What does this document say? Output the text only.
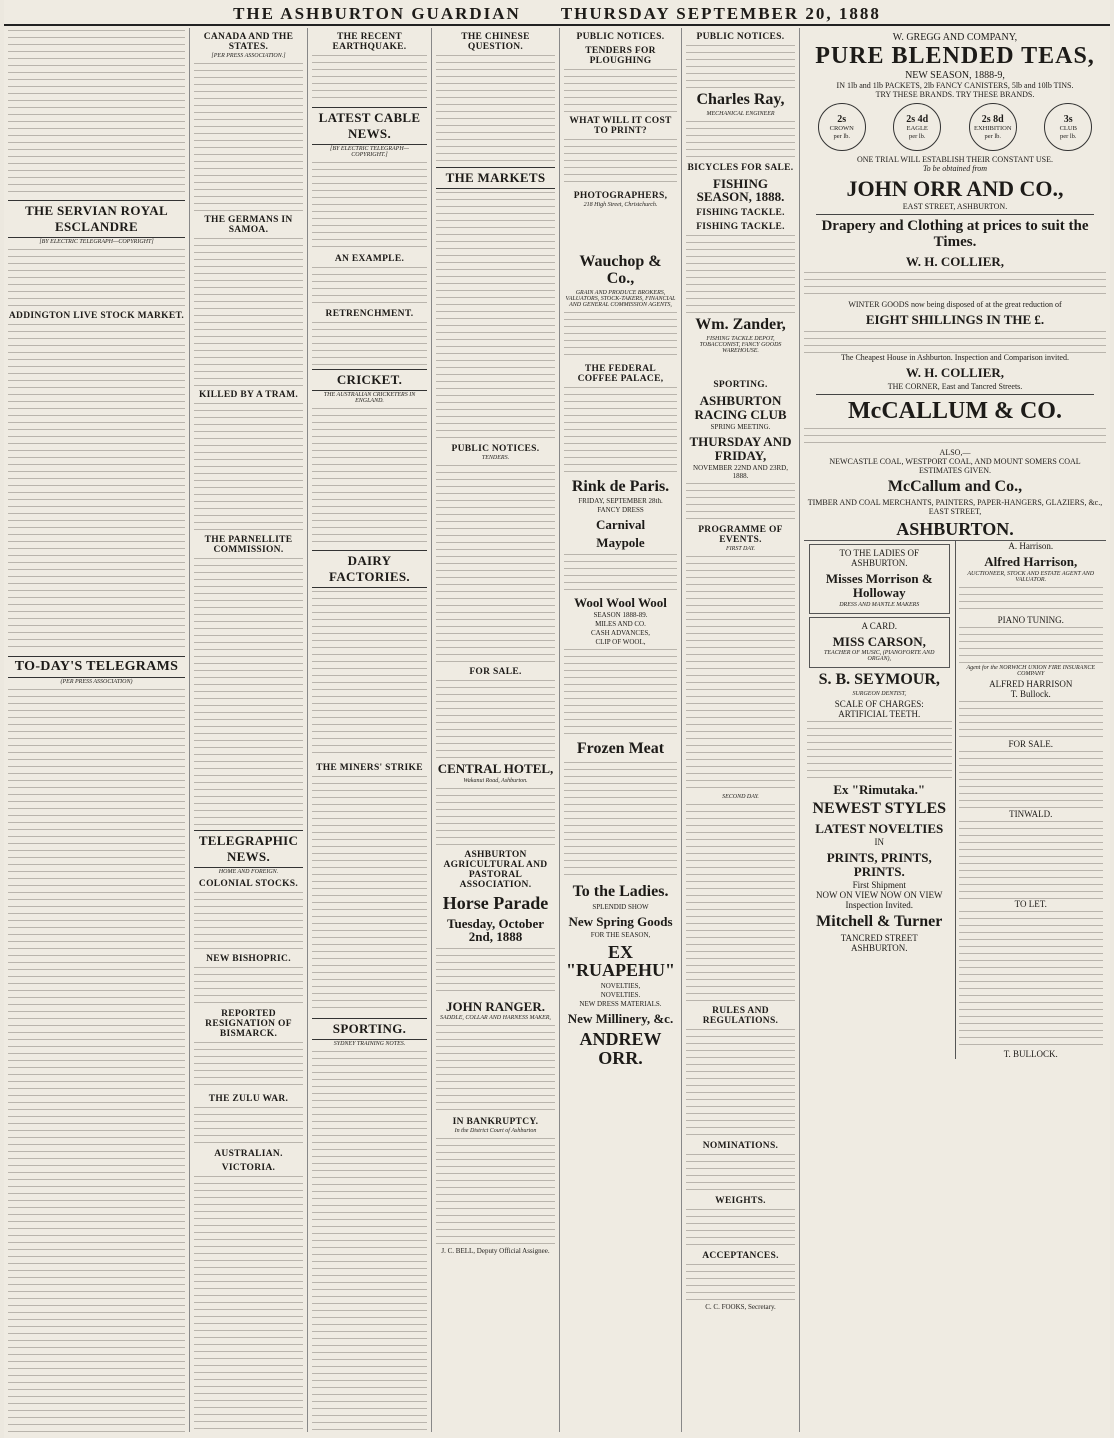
THE ASHBURTON GUARDIAN THURSDAY SEPTEMBER 20, 1888
THE SERVIAN ROYAL ESCLANDRE
[BY ELECTRIC TELEGRAPH—COPYRIGHT]
ADDINGTON LIVE STOCK MARKET.
TO-DAY'S TELEGRAMS
(PER PRESS ASSOCIATION)
CANADA AND THE STATES.
[PER PRESS ASSOCIATION.]
THE GERMANS IN SAMOA.
KILLED BY A TRAM.
THE PARNELLITE COMMISSION.
TELEGRAPHIC NEWS.
HOME AND FOREIGN.
COLONIAL STOCKS.
NEW BISHOPRIC.
REPORTED RESIGNATION OF BISMARCK.
THE ZULU WAR.
AUSTRALIAN.
VICTORIA.
THE RECENT EARTHQUAKE.
LATEST CABLE NEWS.
[BY ELECTRIC TELEGRAPH—COPYRIGHT.]
AN EXAMPLE.
RETRENCHMENT.
CRICKET.
THE AUSTRALIAN CRICKETERS IN ENGLAND.
DAIRY FACTORIES.
THE MINERS' STRIKE
SPORTING.
SYDNEY TRAINING NOTES.
THE CHINESE QUESTION.
THE MARKETS
PUBLIC NOTICES.
TENDERS.
FOR SALE.
CENTRAL HOTEL,
Wakanui Road, Ashburton.
ASHBURTON AGRICULTURAL AND PASTORAL ASSOCIATION.
Horse Parade
Tuesday, October 2nd, 1888
JOHN RANGER.
SADDLE, COLLAR AND HARNESS MAKER,
IN BANKRUPTCY.
In the District Court of Ashburton
J. C. BELL, Deputy Official Assignee.
PUBLIC NOTICES.
TENDERS FOR PLOUGHING
WHAT WILL IT COST TO PRINT?
PHOTOGRAPHERS,
218 High Street, Christchurch.
Wauchop & Co.,
GRAIN AND PRODUCE BROKERS, VALUATORS, STOCK-TAKERS, FINANCIAL AND GENERAL COMMISSION AGENTS,
THE FEDERAL COFFEE PALACE,
Rink de Paris.
FRIDAY, SEPTEMBER 28th.
FANCY DRESS
Carnival
Maypole
Wool Wool Wool
SEASON 1888-89.
MILES AND CO.
CASH ADVANCES,
CLIP OF WOOL,
Frozen Meat
To the Ladies.
SPLENDID SHOW
New Spring Goods
FOR THE SEASON,
EX "RUAPEHU"
NOVELTIES,
NOVELTIES.
NEW DRESS MATERIALS.
New Millinery, &c.
ANDREW ORR.
PUBLIC NOTICES.
Charles Ray,
MECHANICAL ENGINEER
BICYCLES FOR SALE.
FISHING SEASON, 1888.
FISHING TACKLE.
FISHING TACKLE.
Wm. Zander,
FISHING TACKLE DEPOT, TOBACCONIST, FANCY GOODS WAREHOUSE.
SPORTING.
ASHBURTON RACING CLUB
SPRING MEETING.
THURSDAY AND FRIDAY,
NOVEMBER 22ND AND 23RD, 1888.
PROGRAMME OF EVENTS.
FIRST DAY.
SECOND DAY.
RULES AND REGULATIONS.
NOMINATIONS.
WEIGHTS.
ACCEPTANCES.
C. C. FOOKS, Secretary.
W. GREGG AND COMPANY,
PURE BLENDED TEAS,
NEW SEASON, 1888-9,
IN 1lb and 1lb PACKETS, 2lb FANCY CANISTERS, 5lb and 10lb TINS.
TRY THESE BRANDS. TRY THESE BRANDS.
2s
CROWN
per lb.
2s 4d
EAGLE
per lb.
2s 8d
EXHIBITION
per lb.
3s
CLUB
per lb.
ONE TRIAL WILL ESTABLISH THEIR CONSTANT USE.
To be obtained from
JOHN ORR AND CO.,
EAST STREET, ASHBURTON.
Drapery and Clothing at prices to suit the Times.
W. H. COLLIER,
WINTER GOODS now being disposed of at the great reduction of
EIGHT SHILLINGS IN THE £.
The Cheapest House in Ashburton. Inspection and Comparison invited.
W. H. COLLIER,
THE CORNER, East and Tancred Streets.
McCALLUM & CO.
ALSO,—
NEWCASTLE COAL, WESTPORT COAL, AND MOUNT SOMERS COAL
ESTIMATES GIVEN.
McCallum and Co.,
TIMBER AND COAL MERCHANTS, PAINTERS, PAPER-HANGERS, GLAZIERS, &c.,
EAST STREET,
ASHBURTON.
TO THE LADIES OF ASHBURTON.
Misses Morrison & Holloway
DRESS AND MANTLE MAKERS
A CARD.
MISS CARSON,
TEACHER OF MUSIC, (PIANOFORTE AND ORGAN),
S. B. SEYMOUR,
SURGEON DENTIST,
SCALE OF CHARGES:
ARTIFICIAL TEETH.
Ex "Rimutaka."
NEWEST STYLES
LATEST NOVELTIES
IN
PRINTS, PRINTS, PRINTS.
First Shipment
NOW ON VIEW NOW ON VIEW
Inspection Invited.
Mitchell & Turner
TANCRED STREET
ASHBURTON.
A. Harrison.
Alfred Harrison,
AUCTIONEER, STOCK AND ESTATE AGENT AND VALUATOR.
PIANO TUNING.
Agent for the NORWICH UNION FIRE INSURANCE COMPANY
ALFRED HARRISON
T. Bullock.
FOR SALE.
TINWALD.
TO LET.
T. BULLOCK.
